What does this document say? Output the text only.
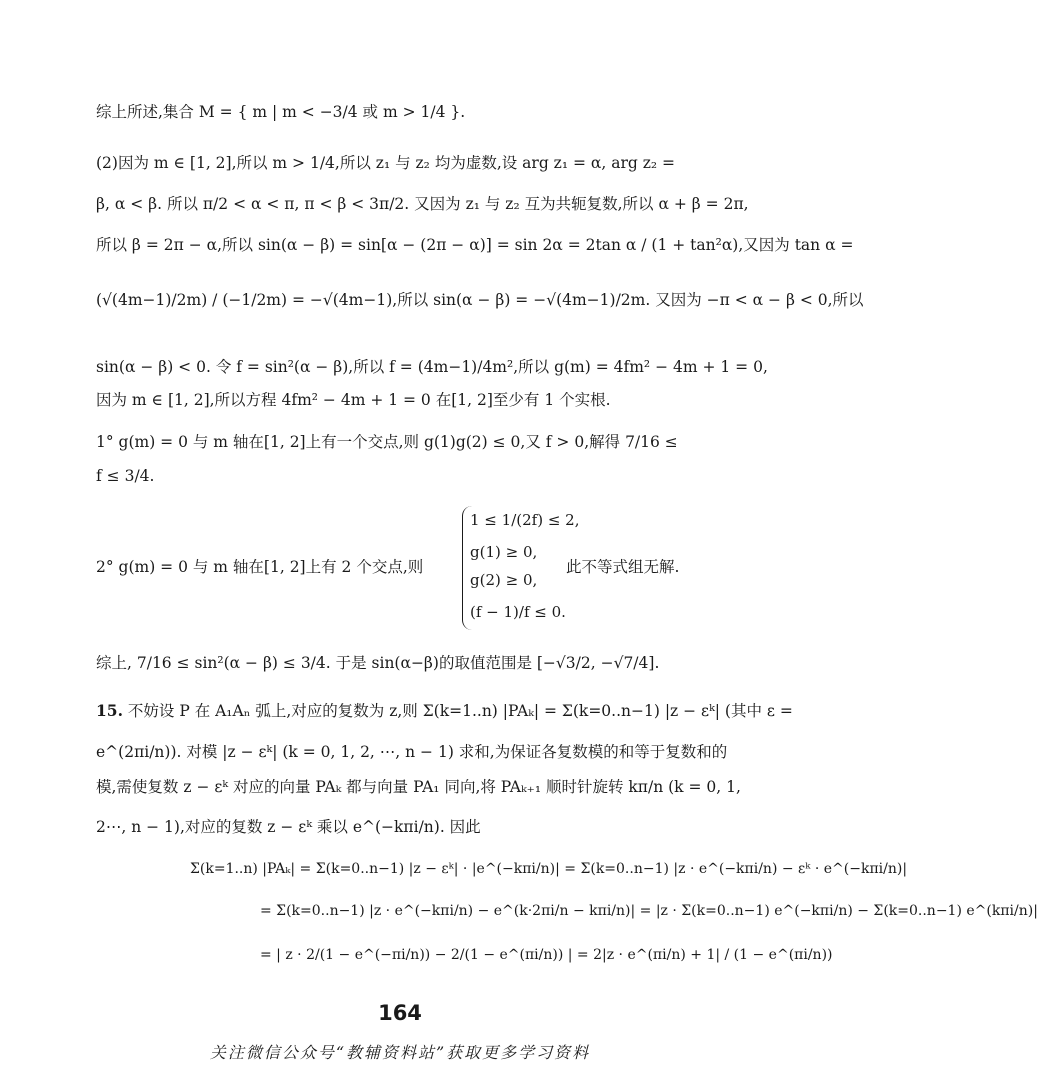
综上所述,集合 M = { m | m < −3/4 或 m > 1/4 }.
(2)因为 m ∈ [1, 2],所以 m > 1/4,所以 z₁ 与 z₂ 均为虚数,设 arg z₁ = α, arg z₂ =
β, α < β. 所以 π/2 < α < π, π < β < 3π/2. 又因为 z₁ 与 z₂ 互为共轭复数,所以 α + β = 2π,
所以 β = 2π − α,所以 sin(α − β) = sin[α − (2π − α)] = sin 2α = 2tan α / (1 + tan²α),又因为 tan α =
(√(4m−1)/2m) / (−1/2m) = −√(4m−1),所以 sin(α − β) = −√(4m−1)/2m. 又因为 −π < α − β < 0,所以
sin(α − β) < 0. 令 f = sin²(α − β),所以 f = (4m−1)/4m²,所以 g(m) = 4fm² − 4m + 1 = 0,
因为 m ∈ [1, 2],所以方程 4fm² − 4m + 1 = 0 在[1, 2]至少有 1 个实根.
1° g(m) = 0 与 m 轴在[1, 2]上有一个交点,则 g(1)g(2) ≤ 0,又 f > 0,解得 7/16 ≤
f ≤ 3/4.
2° g(m) = 0 与 m 轴在[1, 2]上有 2 个交点,则
1 ≤ 1/(2f) ≤ 2,
g(1) ≥ 0,
g(2) ≥ 0,
(f − 1)/f ≤ 0.
此不等式组无解.
综上, 7/16 ≤ sin²(α − β) ≤ 3/4. 于是 sin(α−β)的取值范围是 [−√3/2, −√7/4].
15. 不妨设 P 在 A₁Aₙ 弧上,对应的复数为 z,则 Σ(k=1..n) |PAₖ| = Σ(k=0..n−1) |z − εᵏ| (其中 ε =
e^(2πi/n)). 对模 |z − εᵏ| (k = 0, 1, 2, ⋯, n − 1) 求和,为保证各复数模的和等于复数和的
模,需使复数 z − εᵏ 对应的向量 PAₖ 都与向量 PA₁ 同向,将 PAₖ₊₁ 顺时针旋转 kπ/n (k = 0, 1,
2⋯, n − 1),对应的复数 z − εᵏ 乘以 e^(−kπi/n). 因此
Σ(k=1..n) |PAₖ| = Σ(k=0..n−1) |z − εᵏ| · |e^(−kπi/n)| = Σ(k=0..n−1) |z · e^(−kπi/n) − εᵏ · e^(−kπi/n)|
= Σ(k=0..n−1) |z · e^(−kπi/n) − e^(k·2πi/n − kπi/n)| = |z · Σ(k=0..n−1) e^(−kπi/n) − Σ(k=0..n−1) e^(kπi/n)|
= | z · 2/(1 − e^(−πi/n)) − 2/(1 − e^(πi/n)) | = 2|z · e^(πi/n) + 1| / (1 − e^(πi/n))
164
关注微信公众号“教辅资料站”获取更多学习资料
